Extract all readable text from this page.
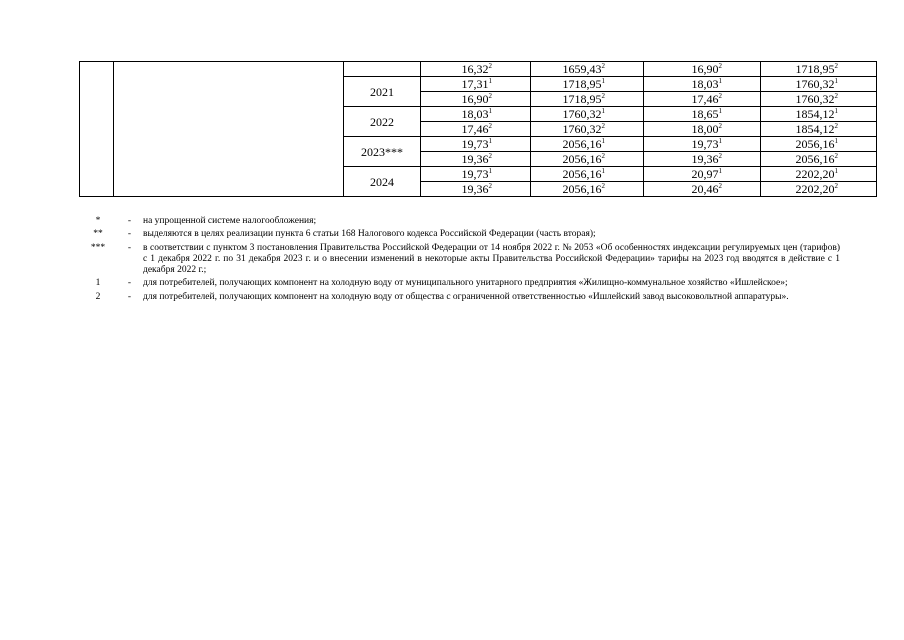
			16,32$^2$	1659,43$^2$	16,90$^2$	1718,95$^2$
		2021	17,31$^1$	1718,95$^1$	18,03$^1$	1760,32$^1$
			16,90$^2$	1718,95$^2$	17,46$^2$	1760,32$^2$
		2022	18,03$^1$	1760,32$^1$	18,65$^1$	1854,12$^1$
			17,46$^2$	1760,32$^2$	18,00$^2$	1854,12$^2$
		2023***	19,73$^1$	2056,16$^1$	19,73$^1$	2056,16$^1$
			19,36$^2$	2056,16$^2$	19,36$^2$	2056,16$^2$
		2024	19,73$^1$	2056,16$^1$	20,97$^1$	2202,20$^1$
			19,36$^2$	2056,16$^2$	20,46$^2$	2202,20$^2$
*	-	на упрощенной системе налогообложения;
**	-	выделяются в целях реализации пункта 6 статьи 168 Налогового кодекса Российской Федерации (часть вторая);
***	-	в соответствии с пунктом 3 постановления Правительства Российской Федерации от 14 ноября 2022 г. № 2053 «Об особенностях индексации регулируемых цен (тарифов) с 1 декабря 2022 г. по 31 декабря 2023 г. и о внесении изменений в некоторые акты Правительства Российской Федерации» тарифы на 2023 год вводятся в действие с 1 декабря 2022 г.;
1	-	для потребителей, получающих компонент на холодную воду от муниципального унитарного предприятия «Жилищно-коммунальное хозяйство «Ишлейское»;
2	-	для потребителей, получающих компонент на холодную воду от общества с ограниченной ответственностью «Ишлейский завод высоковольтной аппаратуры».
